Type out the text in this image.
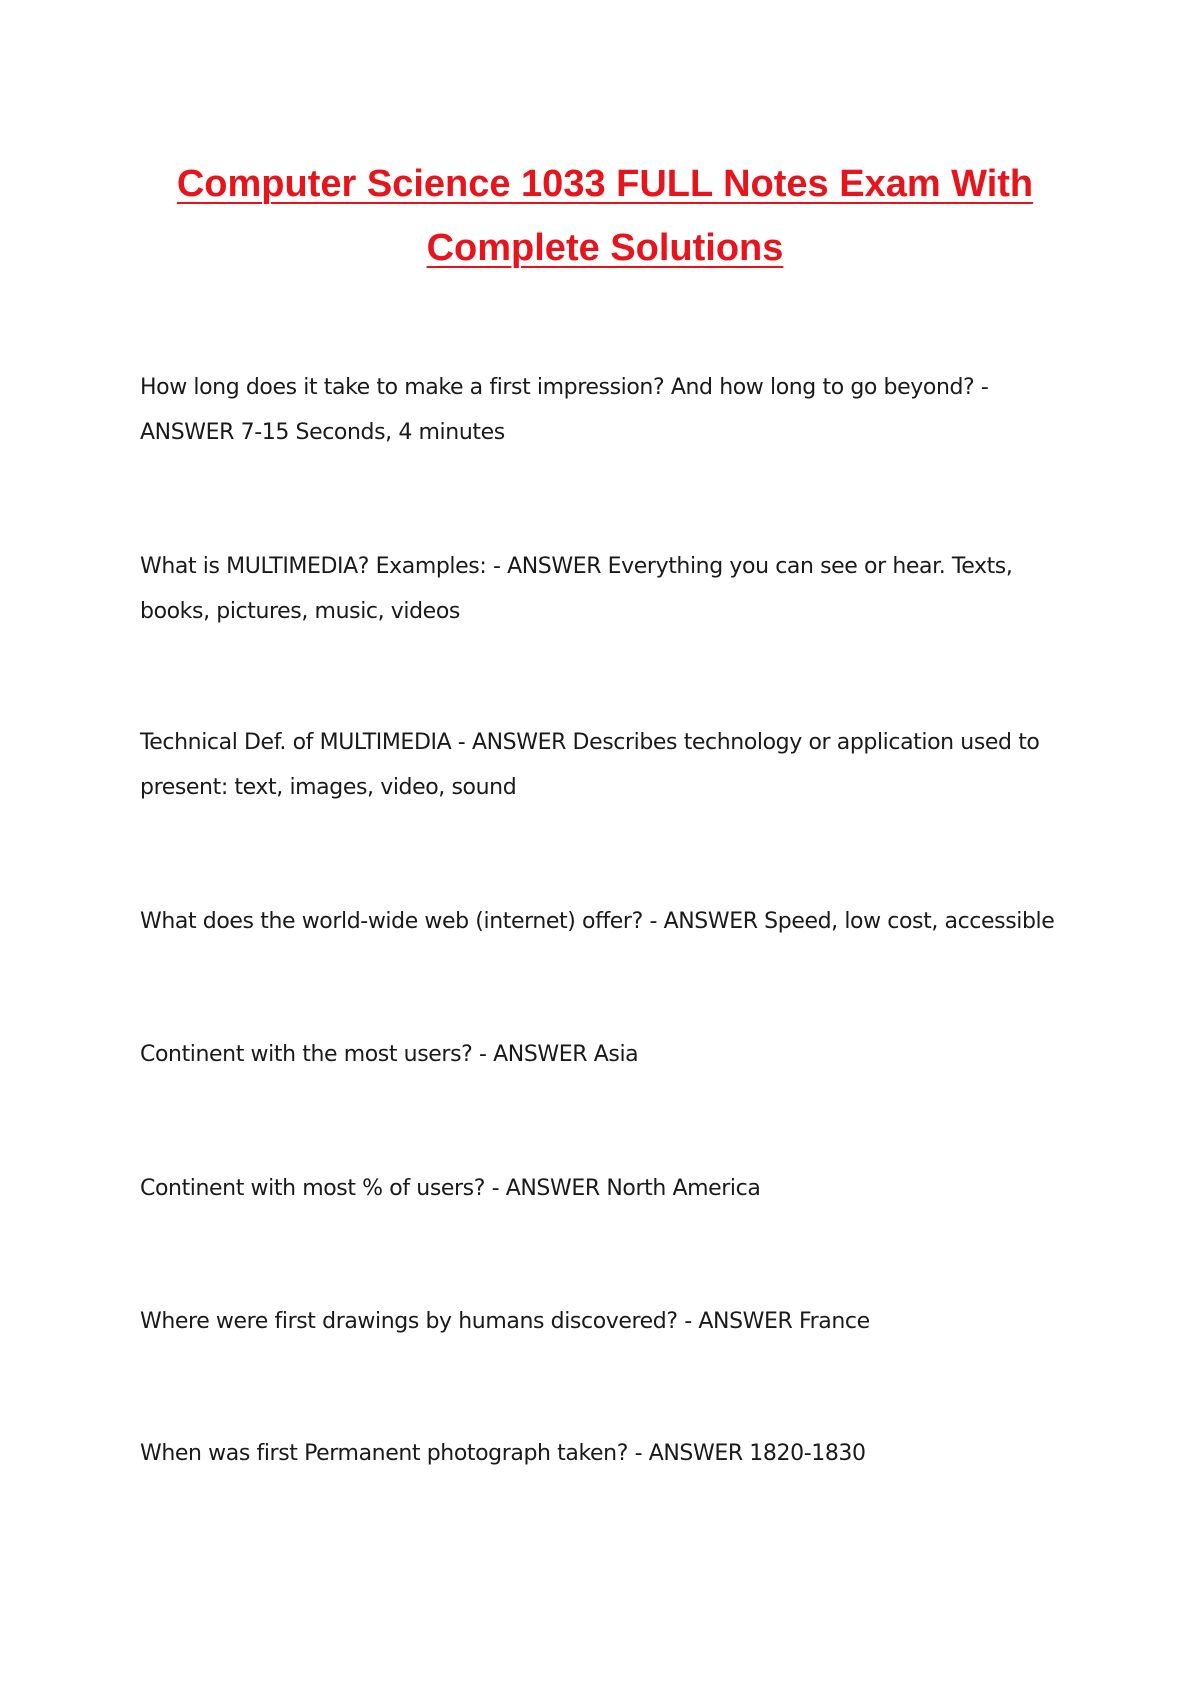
Computer Science 1033 FULL Notes Exam With
Complete Solutions
How long does it take to make a first impression? And how long to go beyond? -
ANSWER 7-15 Seconds, 4 minutes
What is MULTIMEDIA? Examples: - ANSWER Everything you can see or hear. Texts,
books, pictures, music, videos
Technical Def. of MULTIMEDIA - ANSWER Describes technology or application used to
present: text, images, video, sound
What does the world-wide web (internet) offer? - ANSWER Speed, low cost, accessible
Continent with the most users? - ANSWER Asia
Continent with most % of users? - ANSWER North America
Where were first drawings by humans discovered? - ANSWER France
When was first Permanent photograph taken? - ANSWER 1820-1830
